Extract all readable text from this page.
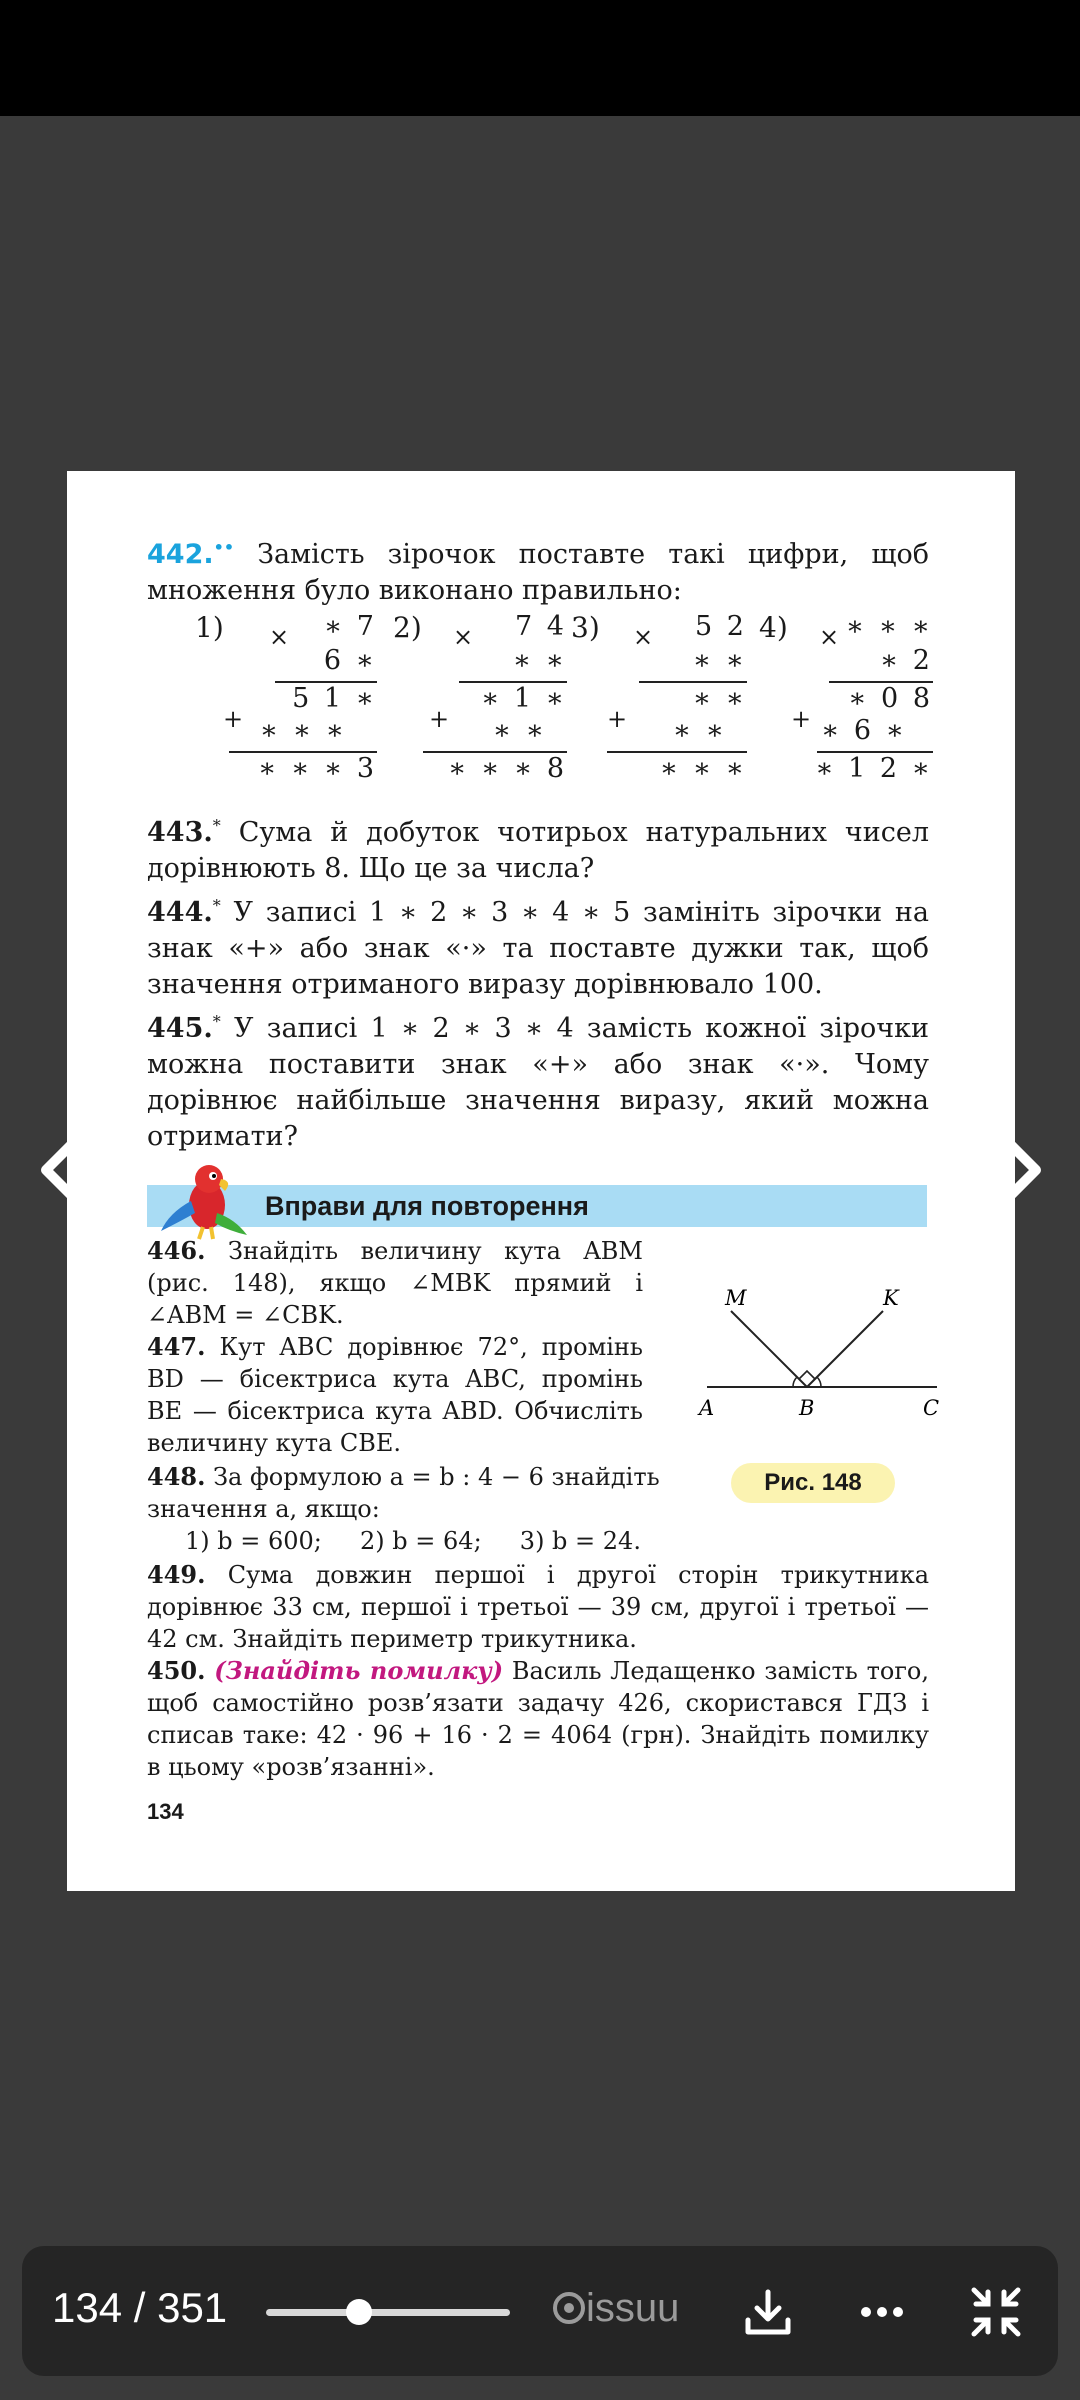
442.•• Замість зірочок поставте такі цифри, щоб множення було виконано правильно:
1) ×	∗ 7
6 ∗
5 1 ∗
+ ∗ ∗ ∗
∗ ∗ ∗ 3
2) ×	7 4
∗ ∗
∗ 1 ∗
+	∗ ∗
∗ ∗ ∗ 8
3) ×	5 2
∗ ∗
∗ ∗
+	∗ ∗
∗ ∗ ∗
4) × ∗ ∗ ∗
∗ 2
∗ 0 8
+ ∗ 6 ∗
∗ 1 2 ∗
443.* Сума й добуток чотирьох натуральних чисел дорівнюють 8. Що це за числа?
444.* У записі 1 ∗ 2 ∗ 3 ∗ 4 ∗ 5 замініть зірочки на знак «+» або знак «·» та поставте дужки так, щоб значення отриманого виразу дорівнювало 100.
445.* У записі 1 ∗ 2 ∗ 3 ∗ 4 замість кожної зірочки можна поставити знак «+» або знак «·». Чому дорівнює найбільше значення виразу, який можна отримати?
Вправи для повторення
446. Знайдіть величину кута ABM (рис. 148), якщо ∠MBK прямий і ∠ABM = ∠CBK.
447. Кут ABC дорівнює 72°, промінь BD — бісектриса кута ABC, промінь BE — бісектриса кута ABD. Обчисліть величину кута CBE.
M	K
A	B	C
Рис. 148
448. За формулою a = b : 4 − 6 знайдіть значення a, якщо:
1) b = 600;     2) b = 64;     3) b = 24.
449. Сума довжин першої і другої сторін трикутника дорівнює 33 см, першої і третьої — 39 см, другої і третьої — 42 см. Знайдіть периметр трикутника.
450. (Знайдіть помилку) Василь Ледащенко замість того, щоб самостійно розв’язати задачу 426, скористався ГДЗ і списав таке: 42 · 96 + 16 · 2 = 4064 (грн). Знайдіть помилку в цьому «розв’язанні».
134
134 / 351	issuu
